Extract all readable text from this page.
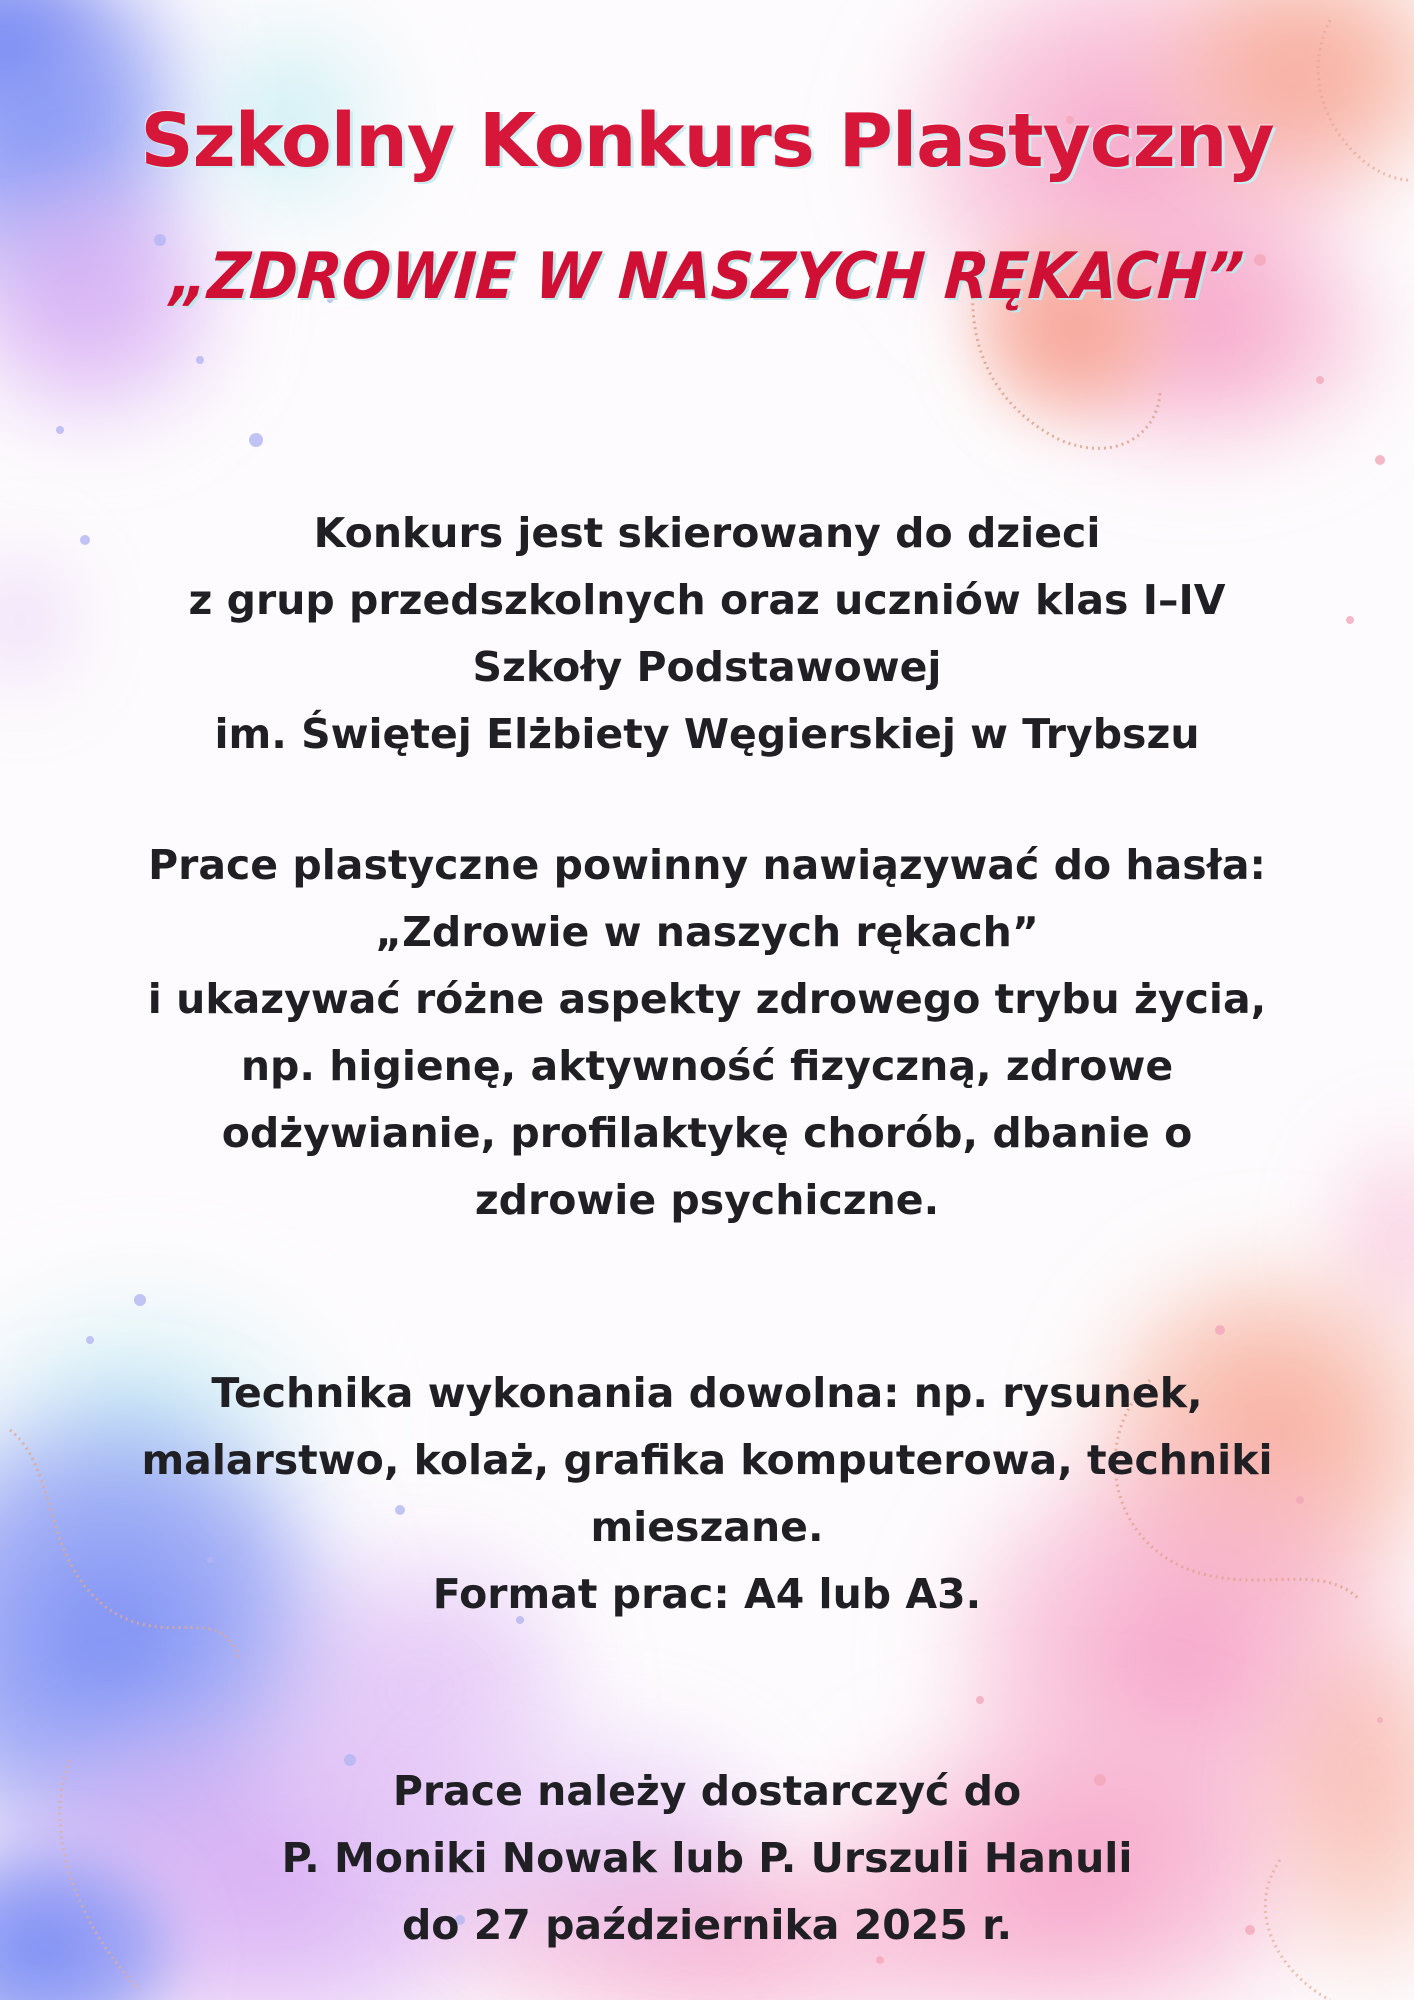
Szkolny Konkurs Plastyczny
„ZDROWIE W NASZYCH RĘKACH”
Konkurs jest skierowany do dzieci
z grup przedszkolnych oraz uczniów klas I–IV
Szkoły Podstawowej
im. Świętej Elżbiety Węgierskiej w Trybszu
Prace plastyczne powinny nawiązywać do hasła:
„Zdrowie w naszych rękach”
i ukazywać różne aspekty zdrowego trybu życia,
np. higienę, aktywność fizyczną, zdrowe
odżywianie, profilaktykę chorób, dbanie o
zdrowie psychiczne.
Technika wykonania dowolna: np. rysunek,
malarstwo, kolaż, grafika komputerowa, techniki
mieszane.
Format prac: A4 lub A3.
Prace należy dostarczyć do
P. Moniki Nowak lub P. Urszuli Hanuli
do 27 października 2025 r.
